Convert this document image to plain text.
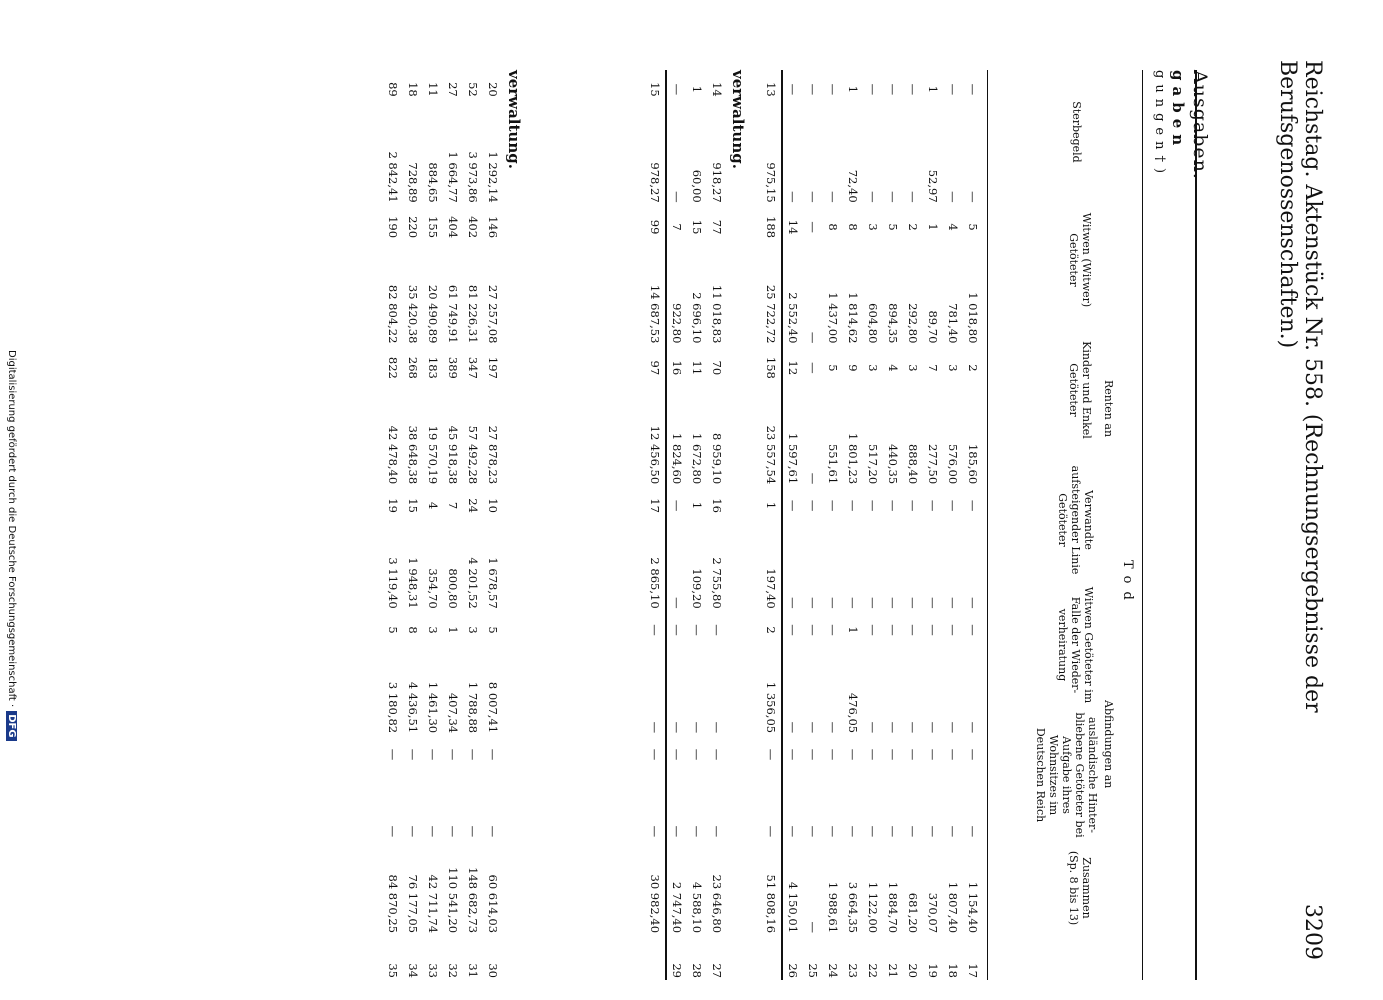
Reichstag. Aktenstück Nr. 558. (Rechnungsergebnisse der Berufsgenossenschaften.)
3209
Ausgaben.
gaben
gungen†)
Tod
Renten an
Abfindungen an
Sterbegeld
Witwen (Witwer) Getöteter
Kinder und Enkel Getöteter
Verwandte aufsteigender Linie Getöteter
Witwen Getöteter im Falle der Wiederverheiratung
ausländische Hinterbliebene Getöteter bei Aufgabe ihres Wohnsitzes im Deutschen Reich
Zusammen (Sp. 8 bis 13)
—	—	5	1 018,80	2	185,60	—	—	—	—	—	—	1 154,40	17
—	—	4	781,40	3	576,00	—	—	—	—	—	—	1 807,40	18
1	52,97	1	89,70	7	277,50	—	—	—	—	—	—	370,07	19
—	—	2	292,80	3	888,40	—	—	—	—	—	—	681,20	20
—	—	5	894,35	4	440,35	—	—	—	—	—	—	1 884,70	21
—	—	3	604,80	3	517,20	—	—	—	—	—	—	1 122,00	22
1	72,40	8	1 814,62	9	1 801,23	—	—	1	476,05	—	—	3 664,35	23
—	—	8	1 437,00	5	551,61	—	—	—	—	—	—	1 988,61	24
—	—	—	—	—	—	—	—	—	—	—	—	—	25
—	—	14	2 552,40	12	1 597,61	—	—	—	—	—	—	4 150,01	26
13	975,15	188	25 722,72	158	23 557,54	1	197,40	2	1 356,05	—	—	51 808,16	
verwaltung.
14	918,27	77	11 018,83	70	8 959,10	16	2 755,80	—	—	—	—	23 646,80	27
1	60,00	15	2 696,10	11	1 672,80	1	109,20	—	—	—	—	4 588,10	28
—	—	7	922,80	16	1 824,60	—	—	—	—	—	—	2 747,40	29
15	978,27	99	14 687,53	97	12 456,50	17	2 865,10	—	—	—	—	30 982,40	
verwaltung.
20	1 292,14	146	27 257,08	197	27 878,23	10	1 678,57	5	8 007,41	—	—	60 614,03	30
52	3 973,86	402	81 226,31	347	57 492,28	24	4 201,52	3	1 788,88	—	—	148 682,73	31
27	1 664,77	404	61 749,91	389	45 918,38	7	800,80	1	407,34	—	—	110 541,20	32
11	884,65	155	20 490,89	183	19 570,19	4	354,70	3	1 461,30	—	—	42 711,74	33
18	728,89	220	35 420,38	268	38 648,38	15	1 948,31	8	4 436,51	—	—	76 177,05	34
89	2 842,41	190	82 804,22	822	42 478,40	19	3 119,40	5	3 180,82	—	—	84 870,25	35
Digitalisierung gefördert durch die Deutsche Forschungsgemeinschaft ·DFG
